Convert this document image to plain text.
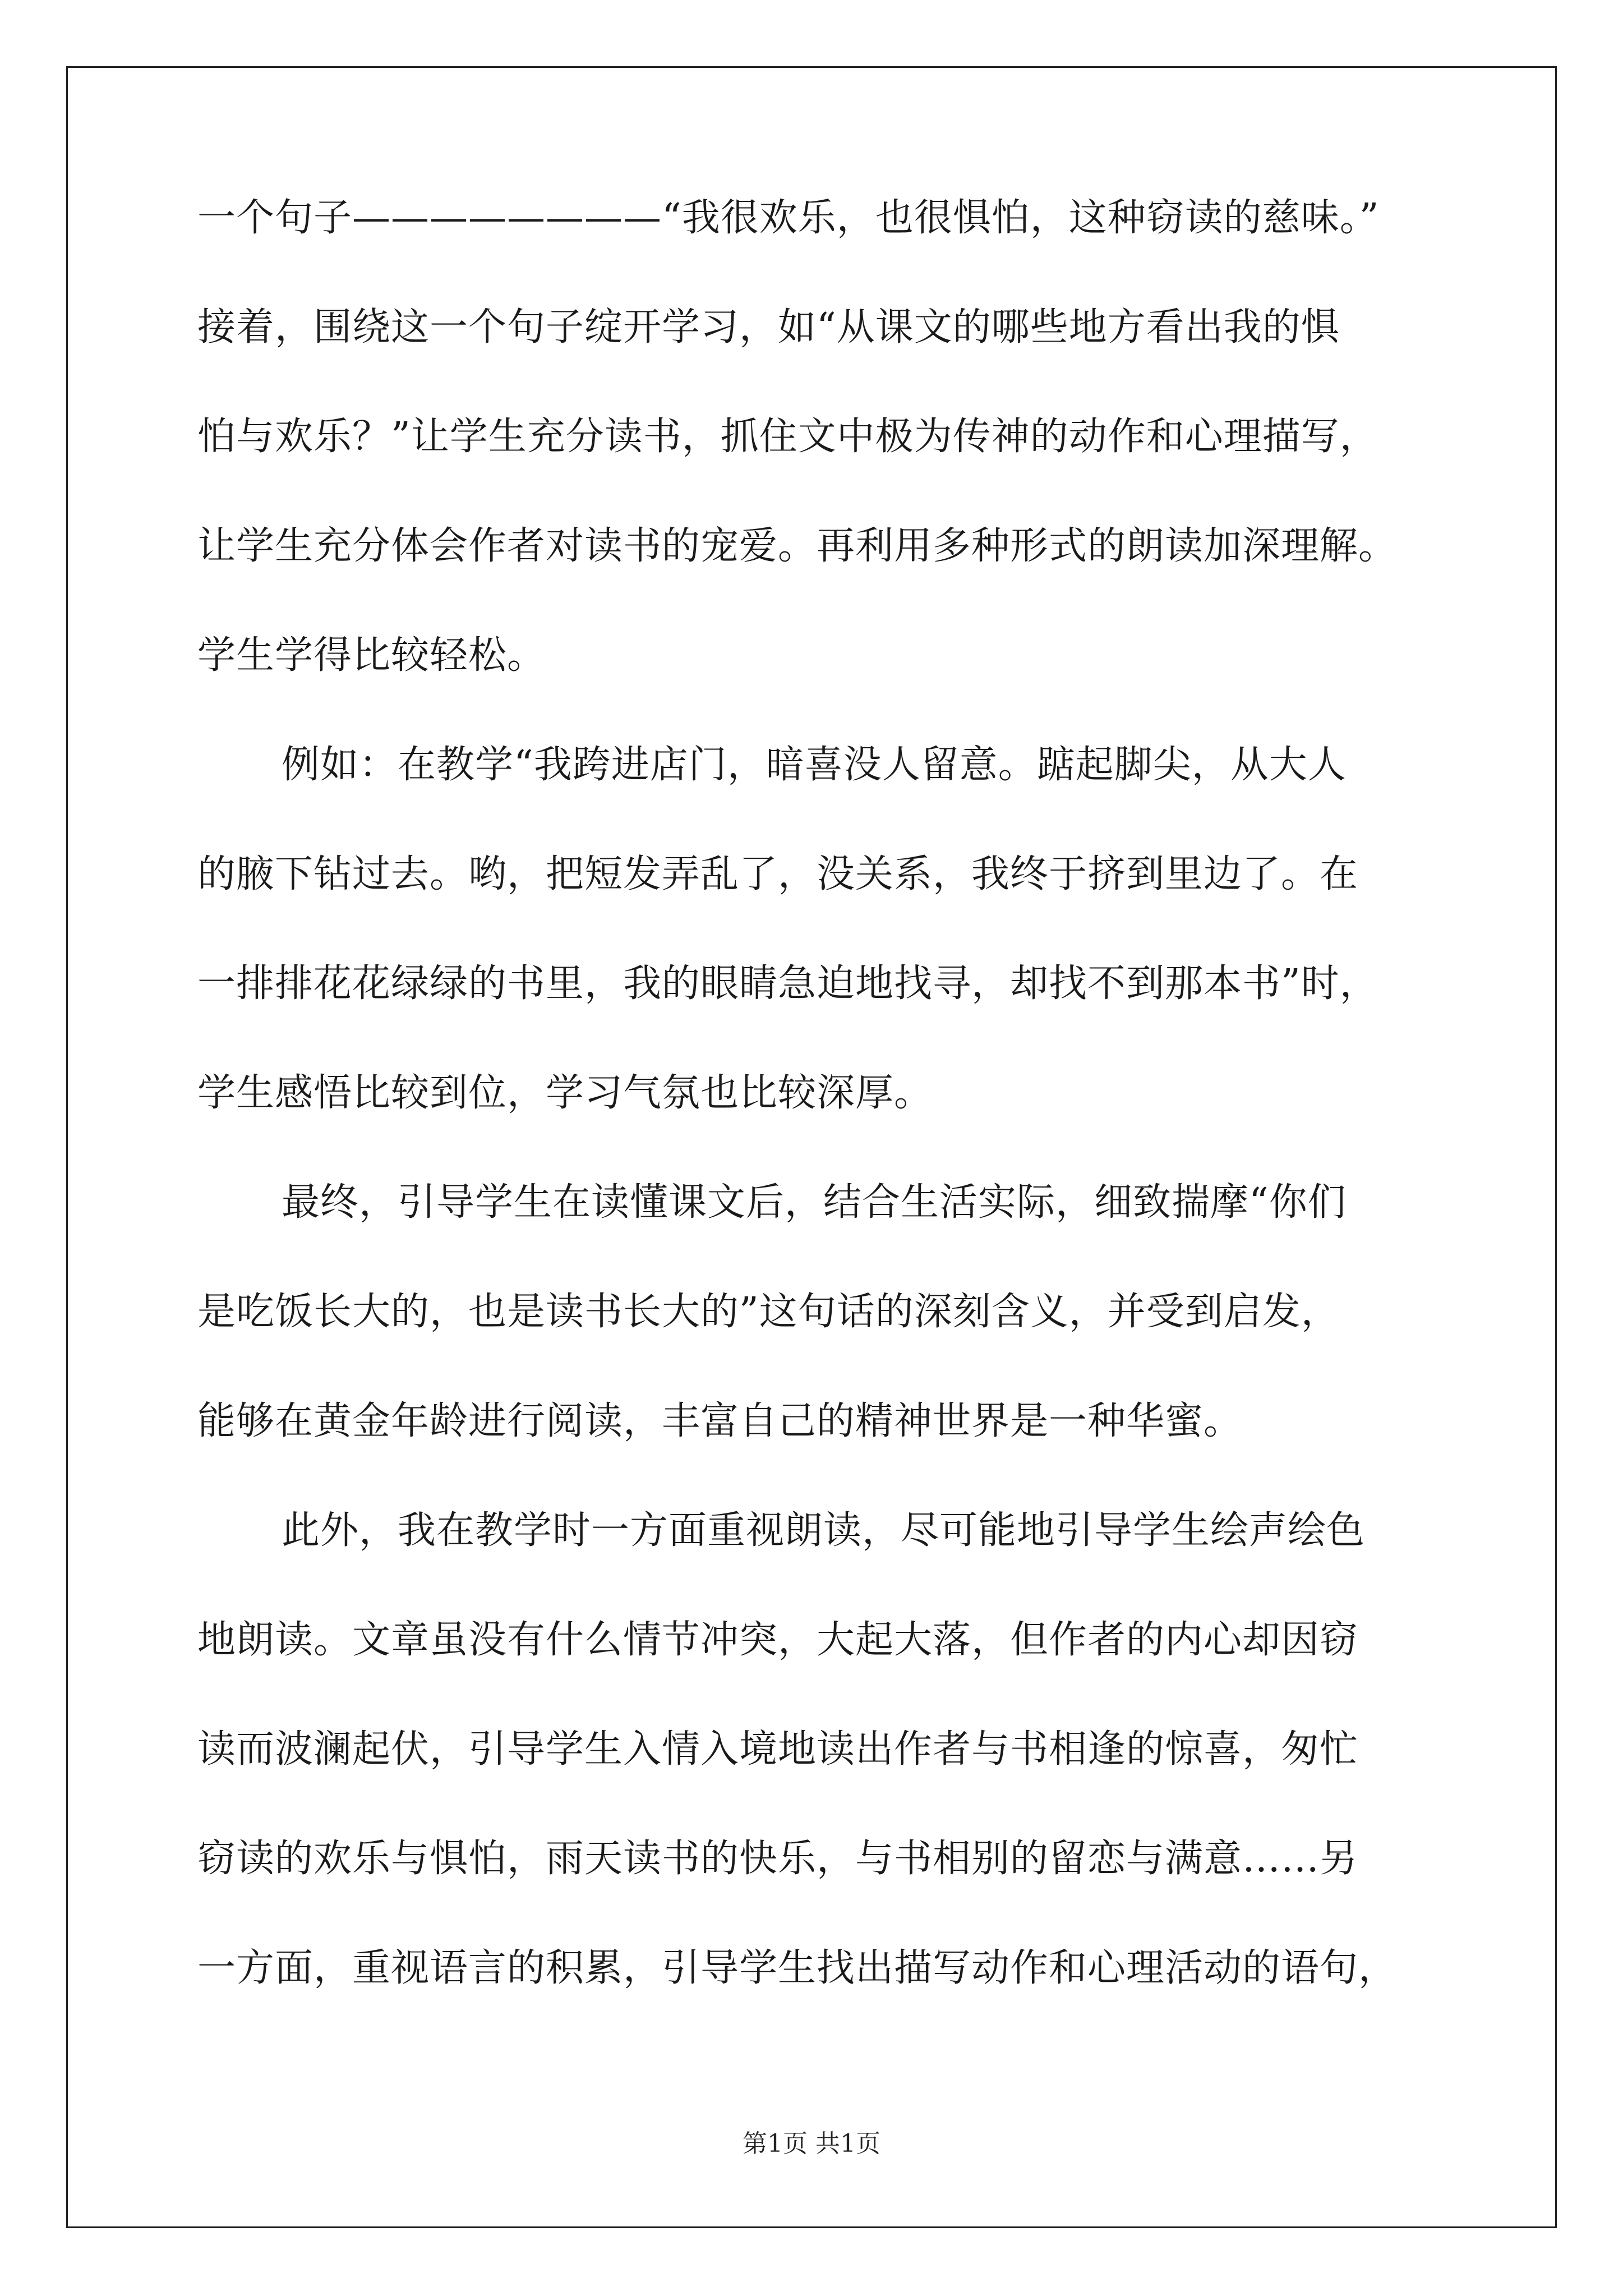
一个句子————————“我很欢乐，也很惧怕，这种窃读的慈味。”
接着，围绕这一个句子绽开学习，如“从课文的哪些地方看出我的惧
怕与欢乐？”让学生充分读书，抓住文中极为传神的动作和心理描写，
让学生充分体会作者对读书的宠爱。再利用多种形式的朗读加深理解。
学生学得比较轻松。
例如：在教学“我跨进店门，暗喜没人留意。踮起脚尖，从大人
的腋下钻过去。哟，把短发弄乱了，没关系，我终于挤到里边了。在
一排排花花绿绿的书里，我的眼睛急迫地找寻，却找不到那本书”时，
学生感悟比较到位，学习气氛也比较深厚。
最终，引导学生在读懂课文后，结合生活实际，细致揣摩“你们
是吃饭长大的，也是读书长大的”这句话的深刻含义，并受到启发，
能够在黄金年龄进行阅读，丰富自己的精神世界是一种华蜜。
此外，我在教学时一方面重视朗读，尽可能地引导学生绘声绘色
地朗读。文章虽没有什么情节冲突，大起大落，但作者的内心却因窃
读而波澜起伏，引导学生入情入境地读出作者与书相逢的惊喜，匆忙
窃读的欢乐与惧怕，雨天读书的快乐，与书相别的留恋与满意……另
一方面，重视语言的积累，引导学生找出描写动作和心理活动的语句，
第1页 共1页
